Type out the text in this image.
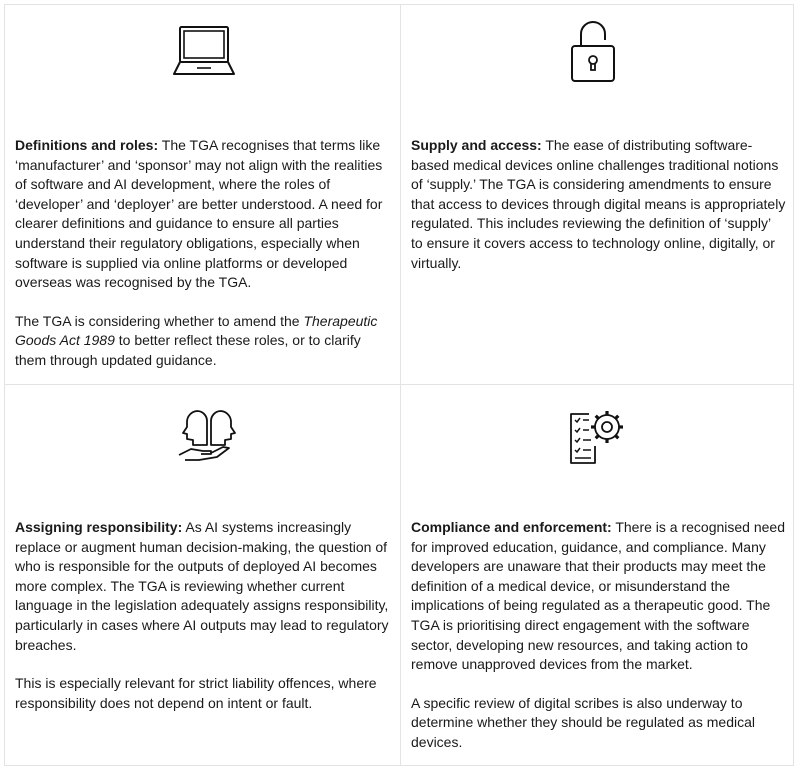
Definitions and roles: The TGA recognises that terms like ‘manufacturer’ and ‘sponsor’ may not align with the realities of software and AI development, where the roles of ‘developer’ and ‘deployer’ are better understood. A need for clearer definitions and guidance to ensure all parties understand their regulatory obligations, especially when software is supplied via online platforms or developed overseas was recognised by the TGA.

The TGA is considering whether to amend the Therapeutic Goods Act 1989 to better reflect these roles, or to clarify them through updated guidance.

Supply and access: The ease of distributing software-based medical devices online challenges traditional notions of ‘supply.’ The TGA is considering amendments to ensure that access to devices through digital means is appropriately regulated. This includes reviewing the definition of ‘supply’ to ensure it covers access to technology online, digitally, or virtually.

Assigning responsibility: As AI systems increasingly replace or augment human decision-making, the question of who is responsible for the outputs of deployed AI becomes more complex. The TGA is reviewing whether current language in the legislation adequately assigns responsibility, particularly in cases where AI outputs may lead to regulatory breaches.

This is especially relevant for strict liability offences, where responsibility does not depend on intent or fault.

Compliance and enforcement: There is a recognised need for improved education, guidance, and compliance. Many developers are unaware that their products may meet the definition of a medical device, or misunderstand the implications of being regulated as a therapeutic good. The TGA is prioritising direct engagement with the software sector, developing new resources, and taking action to remove unapproved devices from the market.

A specific review of digital scribes is also underway to determine whether they should be regulated as medical devices.
